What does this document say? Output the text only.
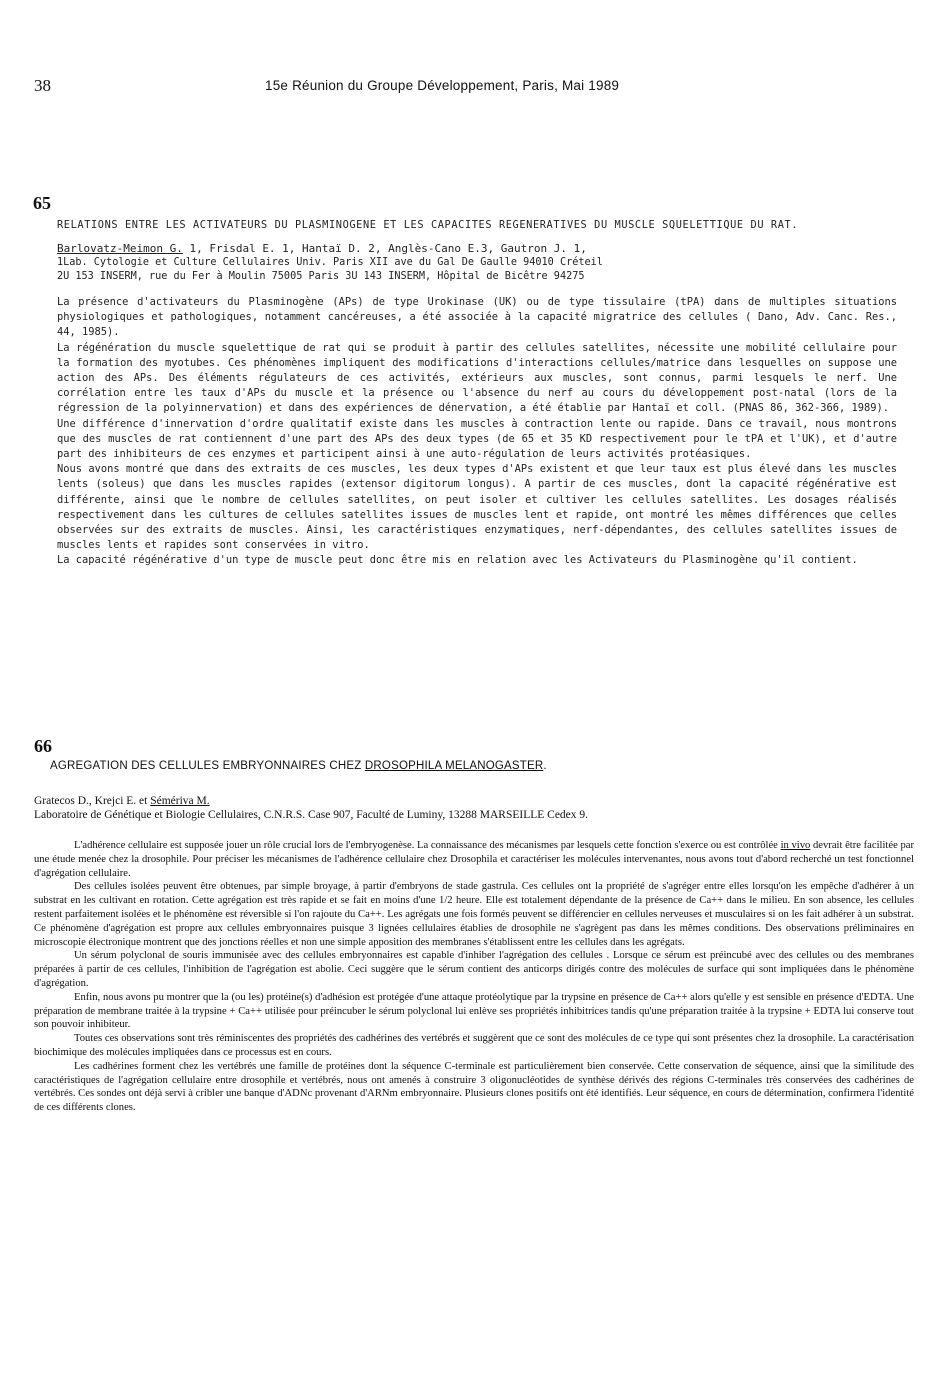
38	15e Réunion du Groupe Développement, Paris, Mai 1989
65

RELATIONS ENTRE LES ACTIVATEURS DU PLASMINOGENE ET LES CAPACITES REGENERATIVES DU MUSCLE SQUELETTIQUE DU RAT.

Barlovatz-Meimon G. 1, Frisdal E. 1, Hantaï D. 2, Anglès-Cano E.3, Gautron J. 1,

1Lab. Cytologie et Culture Cellulaires Univ. Paris XII ave du Gal De Gaulle 94010 Créteil

2U 153 INSERM, rue du Fer à Moulin 75005 Paris 3U 143 INSERM, Hôpital de Bicêtre 94275

La présence d'activateurs du Plasminogène (APs) de type Urokinase (UK) ou de type tissulaire (tPA) dans de multiples situations physiologiques et pathologiques, notamment cancéreuses, a été associée à la capacité migratrice des cellules ( Dano, Adv. Canc. Res., 44, 1985).

La régénération du muscle squelettique de rat qui se produit à partir des cellules satellites, nécessite une mobilité cellulaire pour la formation des myotubes. Ces phénomènes impliquent des modifications d'interactions cellules/matrice dans lesquelles on suppose une action des APs. Des éléments régulateurs de ces activités, extérieurs aux muscles, sont connus, parmi lesquels le nerf. Une corrélation entre les taux d'APs du muscle et la présence ou l'absence du nerf au cours du développement post-natal (lors de la régression de la polyinnervation) et dans des expériences de dénervation, a été établie par Hantaï et coll. (PNAS 86, 362-366, 1989).

Une différence d'innervation d'ordre qualitatif existe dans les muscles à contraction lente ou rapide. Dans ce travail, nous montrons que des muscles de rat contiennent d'une part des APs des deux types (de 65 et 35 KD respectivement pour le tPA et l'UK), et d'autre part des inhibiteurs de ces enzymes et participent ainsi à une auto-régulation de leurs activités protéasiques.

Nous avons montré que dans des extraits de ces muscles, les deux types d'APs existent et que leur taux est plus élevé dans les muscles lents (soleus) que dans les muscles rapides (extensor digitorum longus). A partir de ces muscles, dont la capacité régénérative est différente, ainsi que le nombre de cellules satellites, on peut isoler et cultiver les cellules satellites. Les dosages réalisés respectivement dans les cultures de cellules satellites issues de muscles lent et rapide, ont montré les mêmes différences que celles observées sur des extraits de muscles. Ainsi, les caractéristiques enzymatiques, nerf-dépendantes, des cellules satellites issues de muscles lents et rapides sont conservées in vitro.

La capacité régénérative d'un type de muscle peut donc être mis en relation avec les Activateurs du Plasminogène qu'il contient.

66

AGREGATION DES CELLULES EMBRYONNAIRES CHEZ DROSOPHILA MELANOGASTER.

Gratecos D., Krejci E. et Sémériva M.

Laboratoire de Génétique et Biologie Cellulaires, C.N.R.S. Case 907, Faculté de Luminy, 13288 MARSEILLE Cedex 9.

L'adhérence cellulaire est supposée jouer un rôle crucial lors de l'embryogenèse. La connaissance des mécanismes par lesquels cette fonction s'exerce ou est contrôlée in vivo devrait être facilitée par une étude menée chez la drosophile. Pour préciser les mécanismes de l'adhérence cellulaire chez Drosophila et caractériser les molécules intervenantes, nous avons tout d'abord recherché un test fonctionnel d'agrégation cellulaire.

Des cellules isolées peuvent être obtenues, par simple broyage, à partir d'embryons de stade gastrula. Ces cellules ont la propriété de s'agréger entre elles lorsqu'on les empêche d'adhérer à un substrat en les cultivant en rotation. Cette agrégation est très rapide et se fait en moins d'une 1/2 heure. Elle est totalement dépendante de la présence de Ca++ dans le milieu. En son absence, les cellules restent parfaitement isolées et le phénomène est réversible si l'on rajoute du Ca++. Les agrégats une fois formés peuvent se différencier en cellules nerveuses et musculaires si on les fait adhérer à un substrat. Ce phénomène d'agrégation est propre aux cellules embryonnaires puisque 3 lignées cellulaires établies de drosophile ne s'agrègent pas dans les mêmes conditions. Des observations préliminaires en microscopie électronique montrent que des jonctions réelles et non une simple apposition des membranes s'établissent entre les cellules dans les agrégats.

Un sérum polyclonal de souris immunisée avec des cellules embryonnaires est capable d'inhiber l'agrégation des cellules . Lorsque ce sérum est préincubé avec des cellules ou des membranes préparées à partir de ces cellules, l'inhibition de l'agrégation est abolie. Ceci suggère que le sérum contient des anticorps dirigés contre des molécules de surface qui sont impliquées dans le phénomène d'agrégation.

Enfin, nous avons pu montrer que la (ou les) protéine(s) d'adhésion est protégée d'une attaque protéolytique par la trypsine en présence de Ca++ alors qu'elle y est sensible en présence d'EDTA. Une préparation de membrane traitée à la trypsine + Ca++ utilisée pour préincuber le sérum polyclonal lui enlève ses propriétés inhibitrices tandis qu'une préparation traitée à la trypsine + EDTA lui conserve tout son pouvoir inhibiteur.

Toutes ces observations sont très réminiscentes des propriétés des cadhérines des vertébrés et suggèrent que ce sont des molécules de ce type qui sont présentes chez la drosophile. La caractérisation biochimique des molécules impliquées dans ce processus est en cours.

Les cadhérines forment chez les vertébrés une famille de protéines dont la séquence C-terminale est particulièrement bien conservée. Cette conservation de séquence, ainsi que la similitude des caractéristiques de l'agrégation cellulaire entre drosophile et vertébrés, nous ont amenés à construire 3 oligonucléotides de synthèse dérivés des régions C-terminales très conservées des cadhérines de vertébrés. Ces sondes ont déjà servi à cribler une banque d'ADNc provenant d'ARNm embryonnaire. Plusieurs clones positifs ont été identifiés. Leur séquence, en cours de détermination, confirmera l'identité de ces différents clones.
